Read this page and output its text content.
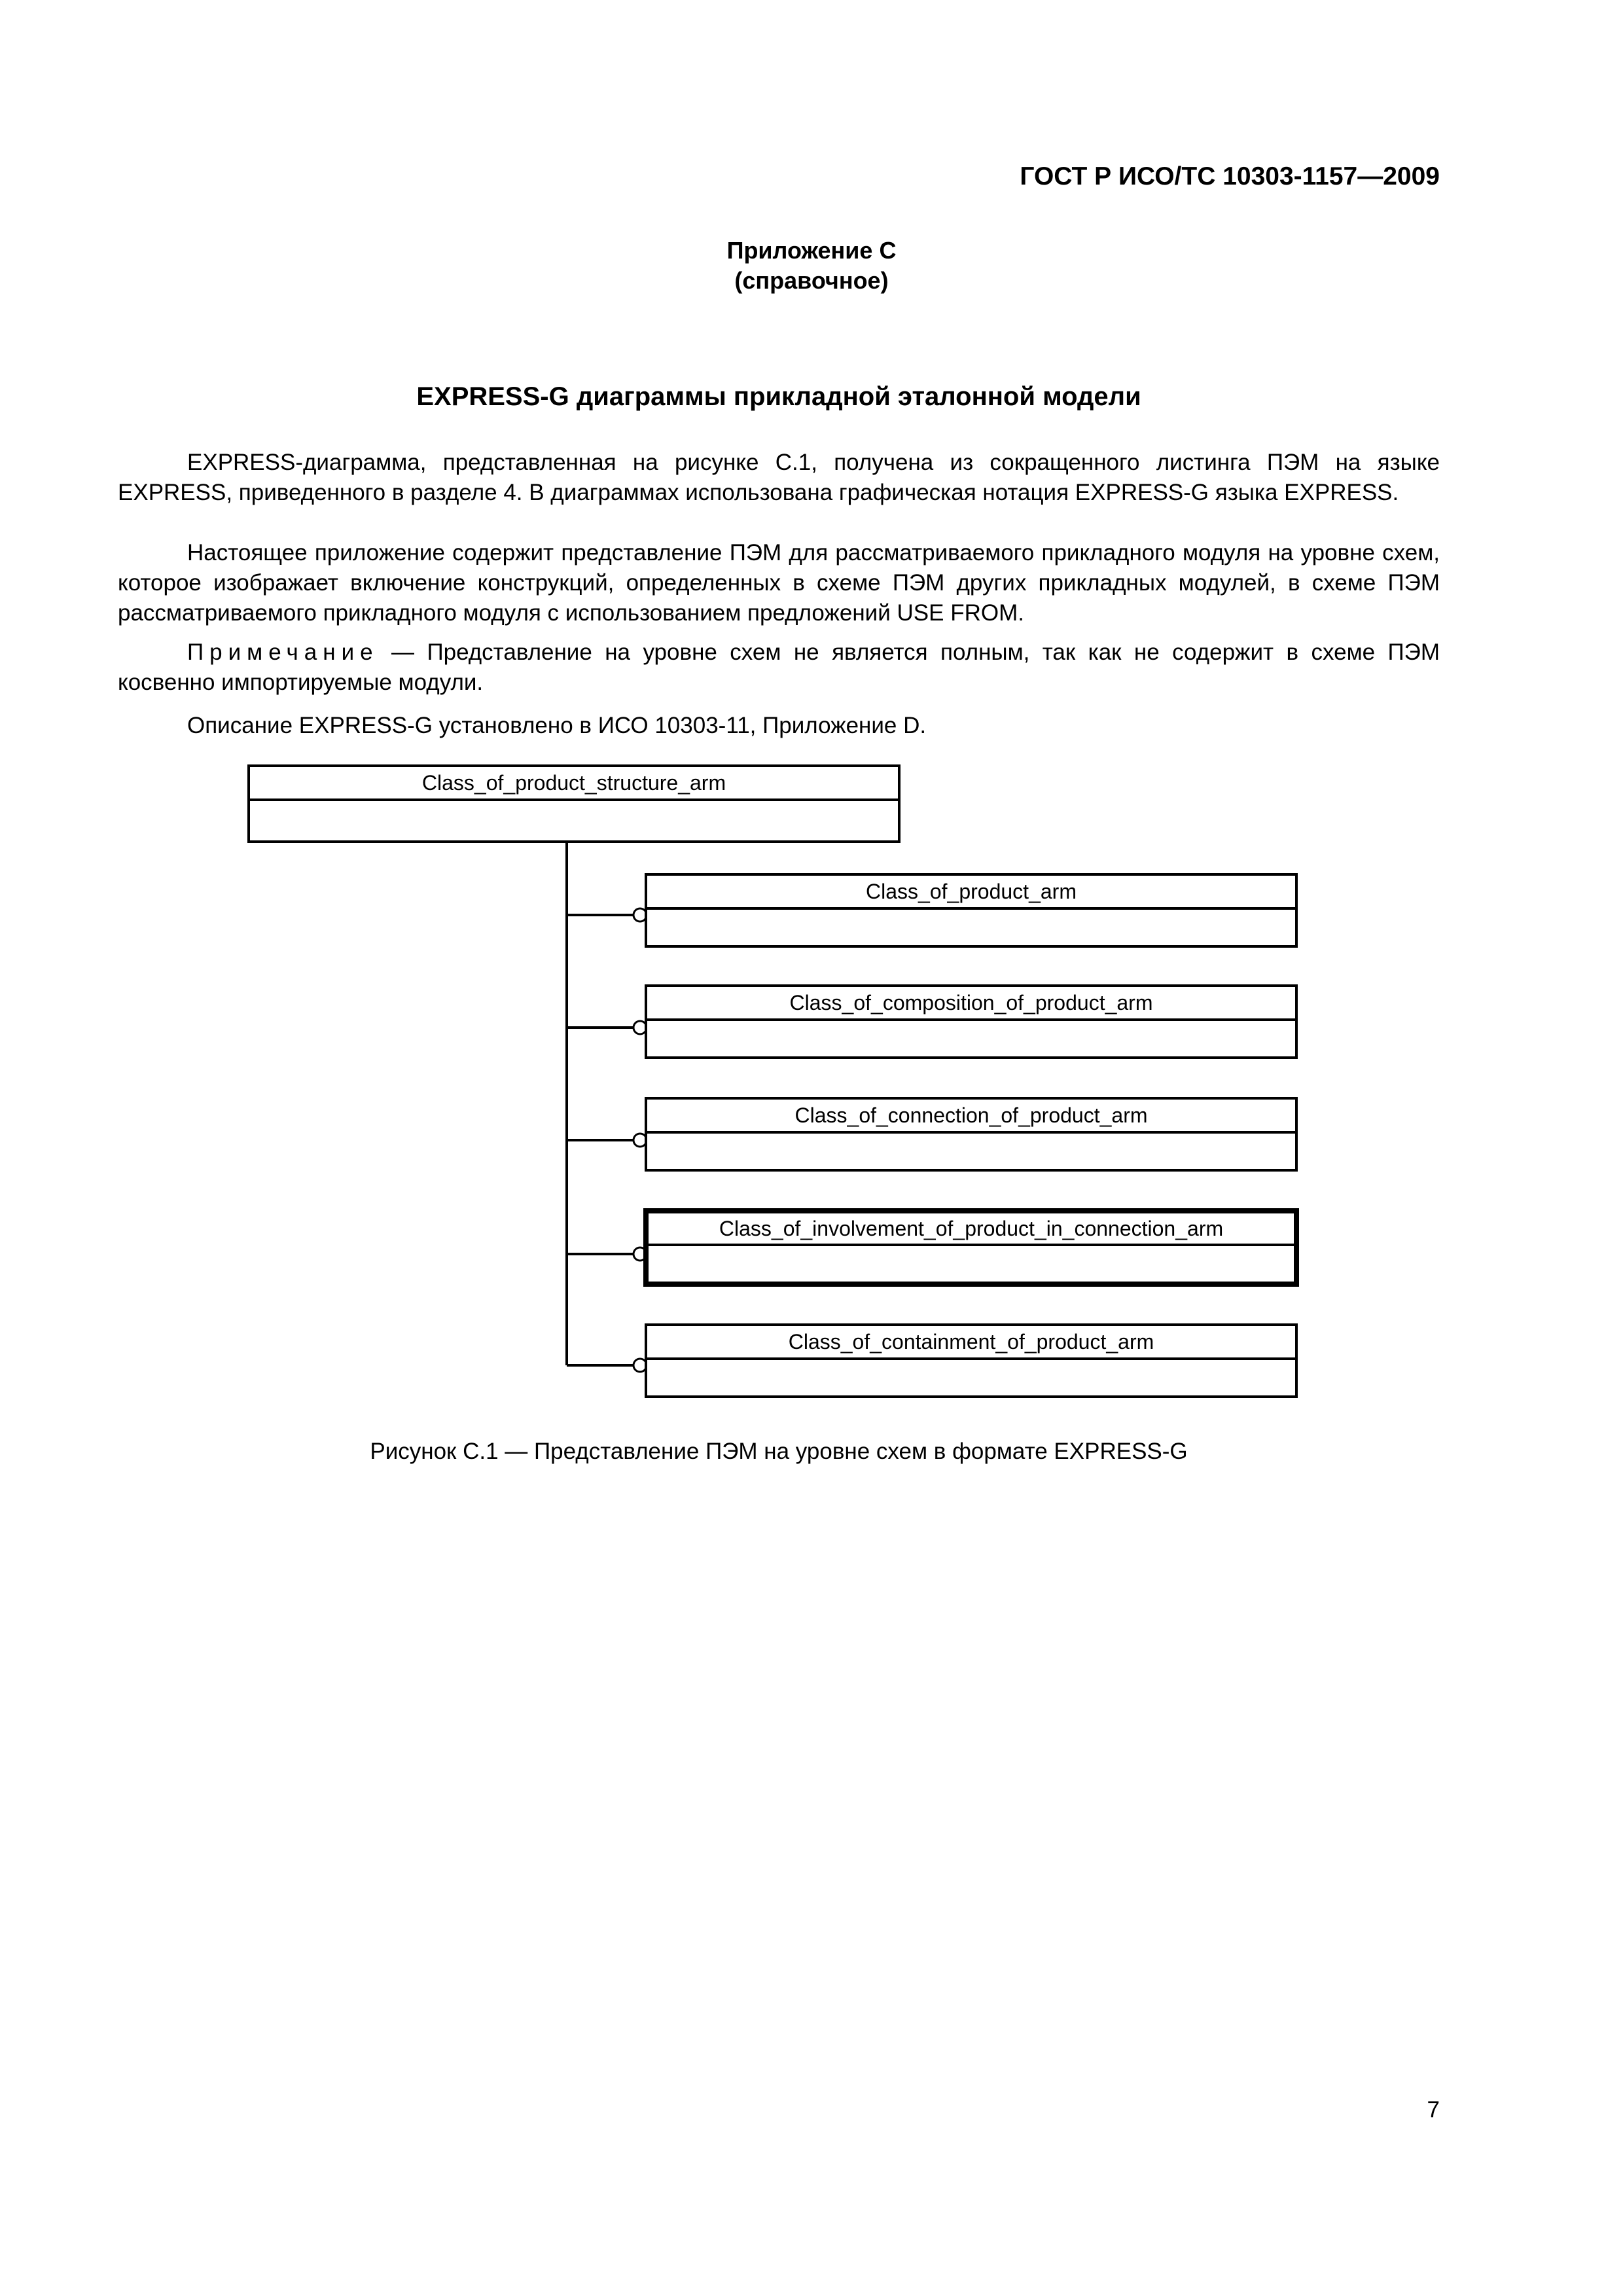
ГОСТ Р ИСО/ТС 10303-1157—2009
Приложение С
(справочное)
EXPRESS-G диаграммы прикладной эталонной модели

EXPRESS-диаграмма, представленная на рисунке С.1, получена из сокращенного листинга ПЭМ на языке EXPRESS, приведенного в разделе 4. В диаграммах использована графическая нотация EXPRESS-G языка EXPRESS.

Настоящее приложение содержит представление ПЭМ для рассматриваемого прикладного модуля на уровне схем, которое изображает включение конструкций, определенных в схеме ПЭМ других прикладных модулей, в схеме ПЭМ рассматриваемого прикладного модуля с использованием предложений USE FROM.

Примечание — Представление на уровне схем не является полным, так как не содержит в схеме ПЭМ косвенно импортируемые модули.

Описание EXPRESS-G установлено в ИСО 10303-11, Приложение D.

Class_of_product_structure_arm
Class_of_product_arm
Class_of_composition_of_product_arm
Class_of_connection_of_product_arm
Class_of_involvement_of_product_in_connection_arm
Class_of_containment_of_product_arm
Рисунок С.1 — Представление ПЭМ на уровне схем в формате EXPRESS-G
7
